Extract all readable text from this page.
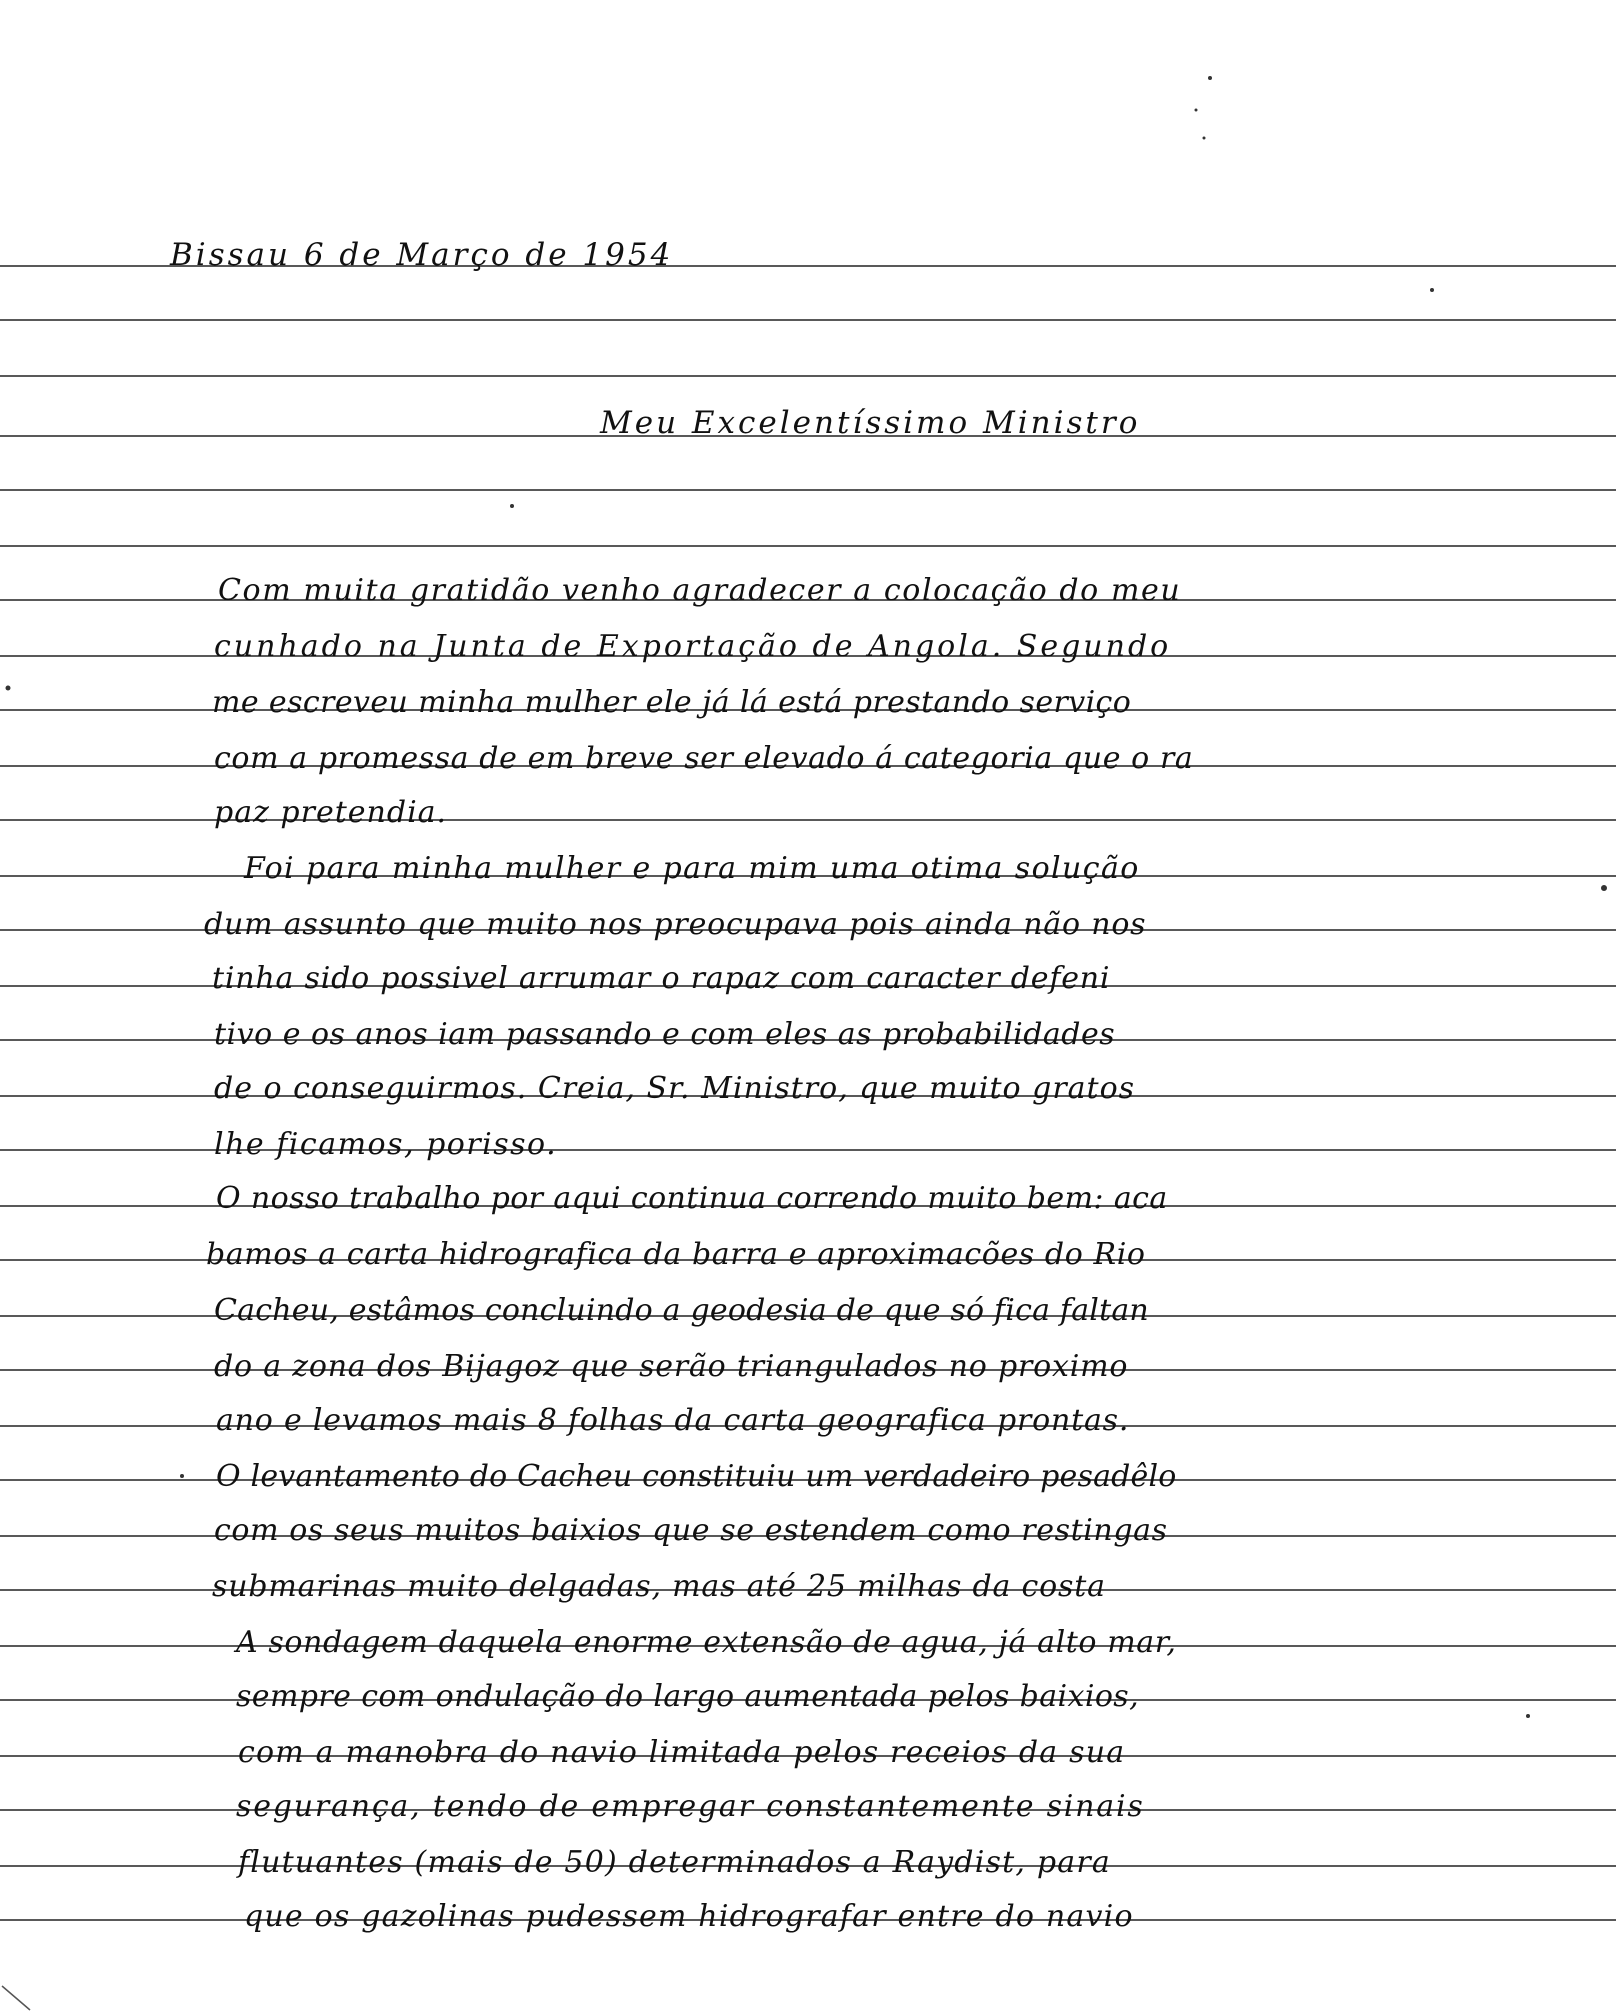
Bissau 6 de Março de 1954
Meu Excelentíssimo Ministro
Com muita gratidão venho agradecer a colocação do meu
cunhado na Junta de Exportação de Angola. Segundo
me escreveu minha mulher ele já lá está prestando serviço
com a promessa de em breve ser elevado á categoria que o ra
paz pretendia.
Foi para minha mulher e para mim uma otima solução
dum assunto que muito nos preocupava pois ainda não nos
tinha sido possivel arrumar o rapaz com caracter defeni
tivo e os anos iam passando e com eles as probabilidades
de o conseguirmos. Creia, Sr. Ministro, que muito gratos
lhe ficamos, porisso.
O nosso trabalho por aqui continua correndo muito bem: aca
bamos a carta hidrografica da barra e aproximacões do Rio
Cacheu, estâmos concluindo a geodesia de que só fica faltan
do a zona dos Bijagoz que serão triangulados no proximo
ano e levamos mais 8 folhas da carta geografica prontas.
O levantamento do Cacheu constituiu um verdadeiro pesadêlo
com os seus muitos baixios que se estendem como restingas
submarinas muito delgadas, mas até 25 milhas da costa
A sondagem daquela enorme extensão de agua, já alto mar,
sempre com ondulação do largo aumentada pelos baixios,
com a manobra do navio limitada pelos receios da sua
segurança, tendo de empregar constantemente sinais
flutuantes (mais de 50) determinados a Raydist, para
que os gazolinas pudessem hidrografar entre do navio
